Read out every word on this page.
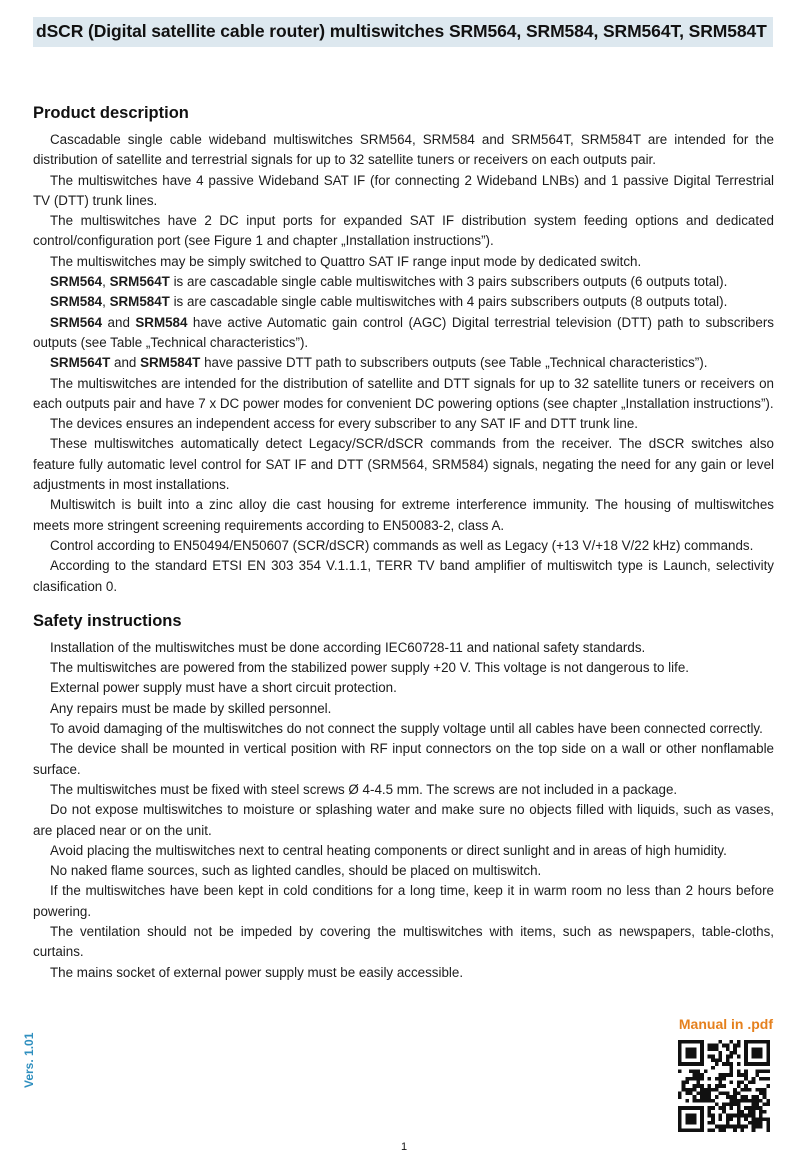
dSCR (Digital satellite cable router) multiswitches SRM564, SRM584, SRM564T, SRM584T
Product description

Cascadable single cable wideband multiswitches SRM564, SRM584 and SRM564T, SRM584T are intended for the distribution of satellite and terrestrial signals for up to 32 satellite tuners or receivers on each outputs pair.

The multiswitches have 4 passive Wideband SAT IF (for connecting 2 Wideband LNBs) and 1 passive Digital Terrestrial TV (DTT) trunk lines.

The multiswitches have 2 DC input ports for expanded SAT IF distribution system feeding options and dedicated control/configuration port (see Figure 1 and chapter „Installation instructions”).

The multiswitches may be simply switched to Quattro SAT IF range input mode by dedicated switch.

SRM564, SRM564T is are cascadable single cable multiswitches with 3 pairs subscribers outputs (6 outputs total).

SRM584, SRM584T is are cascadable single cable multiswitches with 4 pairs subscribers outputs (8 outputs total).

SRM564 and SRM584 have active Automatic gain control (AGC) Digital terrestrial television (DTT) path to subscribers outputs (see Table „Technical characteristics”).

SRM564T and SRM584T have passive DTT path to subscribers outputs (see Table „Technical characteristics”).

The multiswitches are intended for the distribution of satellite and DTT signals for up to 32 satellite tuners or receivers on each outputs pair and have 7 x DC power modes for convenient DC powering options (see chapter „Installation instructions”).

The devices ensures an independent access for every subscriber to any SAT IF and DTT trunk line.

These multiswitches automatically detect Legacy/SCR/dSCR commands from the receiver. The dSCR switches also feature fully automatic level control for SAT IF and DTT (SRM564, SRM584) signals, negating the need for any gain or level adjustments in most installations.

Multiswitch is built into a zinc alloy die cast housing for extreme interference immunity. The housing of multiswitches meets more stringent screening requirements according to EN50083-2, class A.

Control according to EN50494/EN50607 (SCR/dSCR) commands as well as Legacy (+13 V/+18 V/22 kHz) commands.

According to the standard ETSI EN 303 354 V.1.1.1, TERR TV band amplifier of multiswitch type is Launch, selectivity clasification 0.

Safety instructions

Installation of the multiswitches must be done according IEC60728-11 and national safety standards.

The multiswitches are powered from the stabilized power supply +20 V. This voltage is not dangerous to life.

External power supply must have a short circuit protection.

Any repairs must be made by skilled personnel.

To avoid damaging of the multiswitches do not connect the supply voltage until all cables have been connected correctly.

The device shall be mounted in vertical position with RF input connectors on the top side on a wall or other nonflamable surface.

The multiswitches must be fixed with steel screws Ø 4-4.5 mm. The screws are not included in a package.

Do not expose multiswitches to moisture or splashing water and make sure no objects filled with liquids, such as vases, are placed near or on the unit.

Avoid placing the multiswitches next to central heating components or direct sunlight and in areas of high humidity.

No naked flame sources, such as lighted candles, should be placed on multiswitch.

If the multiswitches have been kept in cold conditions for a long time, keep it in warm room no less than 2 hours before powering.

The ventilation should not be impeded by covering the multiswitches with items, such as newspapers, table-cloths, curtains.

The mains socket of external power supply must be easily accessible.

Manual in .pdf
Vers. 1.01
1
